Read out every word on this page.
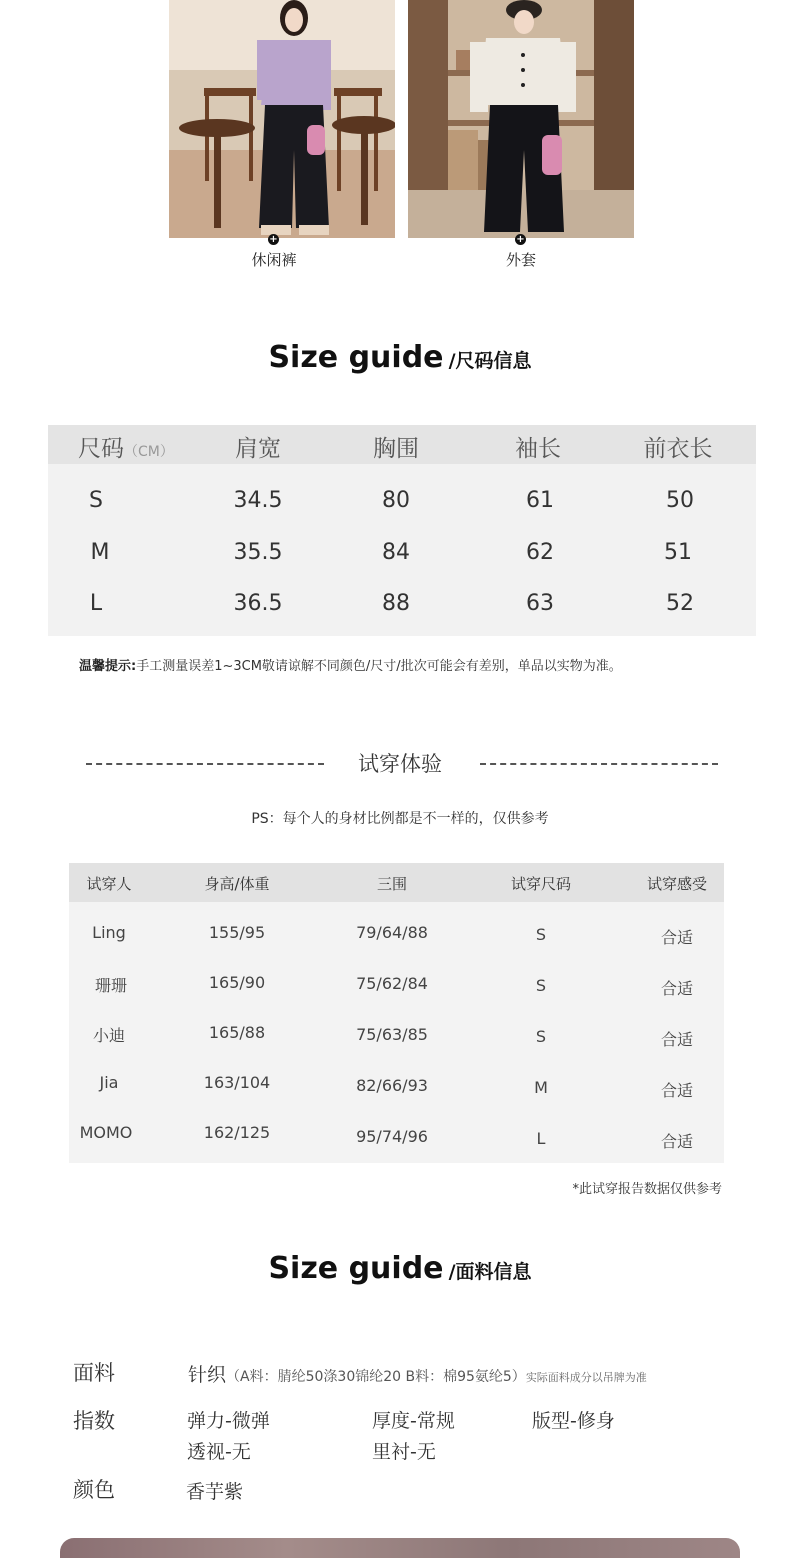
+
休闲裤
+
外套
Size guide /尺码信息
尺码（CM）	肩宽	胸围	袖长	前衣长
S	34.5	80	61	50
M	35.5	84	62	51
L	36.5	88	63	52
温馨提示:手工测量误差1~3CM敬请谅解不同颜色/尺寸/批次可能会有差别，单品以实物为准。
试穿体验
PS：每个人的身材比例都是不一样的，仅供参考
试穿人	身高/体重	三围	试穿尺码	试穿感受
Ling	155/95	79/64/88	S	合适
珊珊	165/90	75/62/84	S	合适
小迪	165/88	75/63/85	S	合适
Jia	163/104	82/66/93	M	合适
MOMO	162/125	95/74/96	L	合适
*此试穿报告数据仅供参考
Size guide /面料信息
面料	针织（A料：腈纶50涤30锦纶20 B料：棉95氨纶5）实际面料成分以吊牌为准
指数	弹力-微弹	厚度-常规	版型-修身
透视-无	里衬-无
颜色	香芋紫
